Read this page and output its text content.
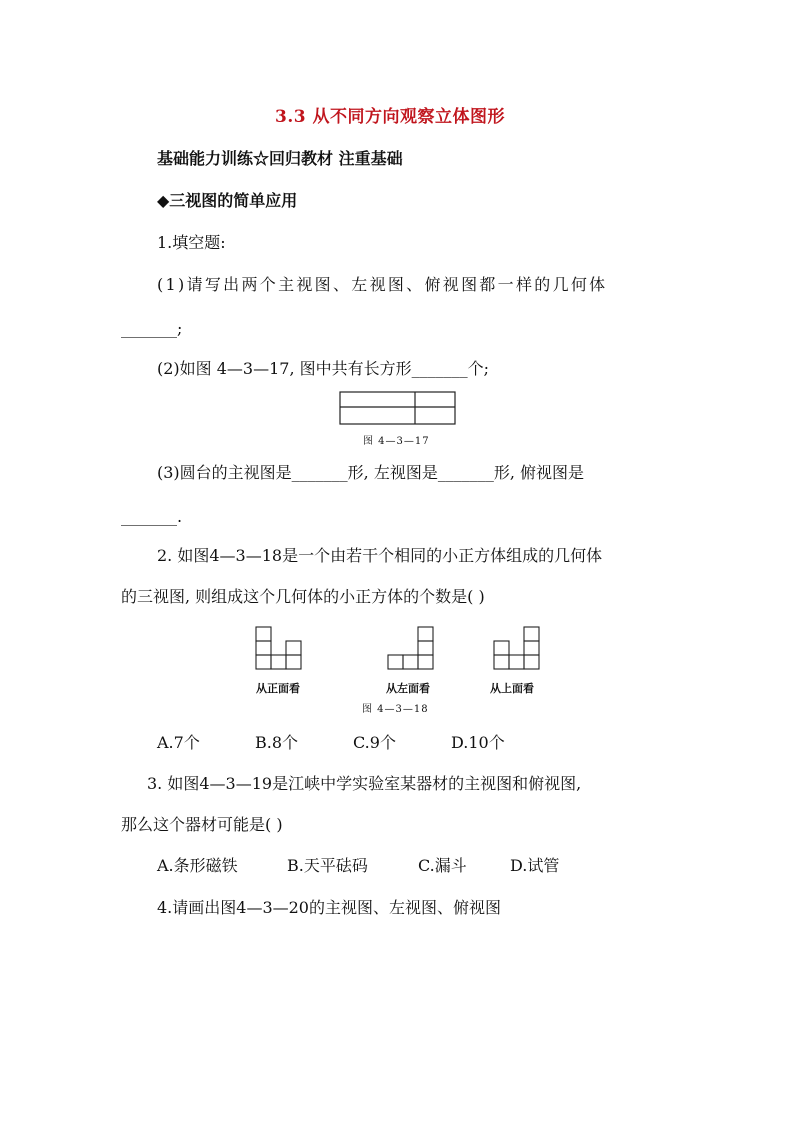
3.3 从不同方向观察立体图形
基础能力训练☆回归教材 注重基础
◆三视图的简单应用
1.填空题:
(1)请写出两个主视图、左视图、俯视图都一样的几何体
_______;
(2)如图 4—3—17, 图中共有长方形_______个;
图 4—3—17
(3)圆台的主视图是_______形, 左视图是_______形, 俯视图是
_______.
2. 如图4—3—18是一个由若干个相同的小正方体组成的几何体
的三视图, 则组成这个几何体的小正方体的个数是( )
从正面看	从左面看	从上面看
图 4—3—18
A.7个	B.8个	C.9个	D.10个
3. 如图4—3—19是江峡中学实验室某器材的主视图和俯视图,
那么这个器材可能是( )
A.条形磁铁	B.天平砝码	C.漏斗	D.试管
4.请画出图4—3—20的主视图、左视图、俯视图
